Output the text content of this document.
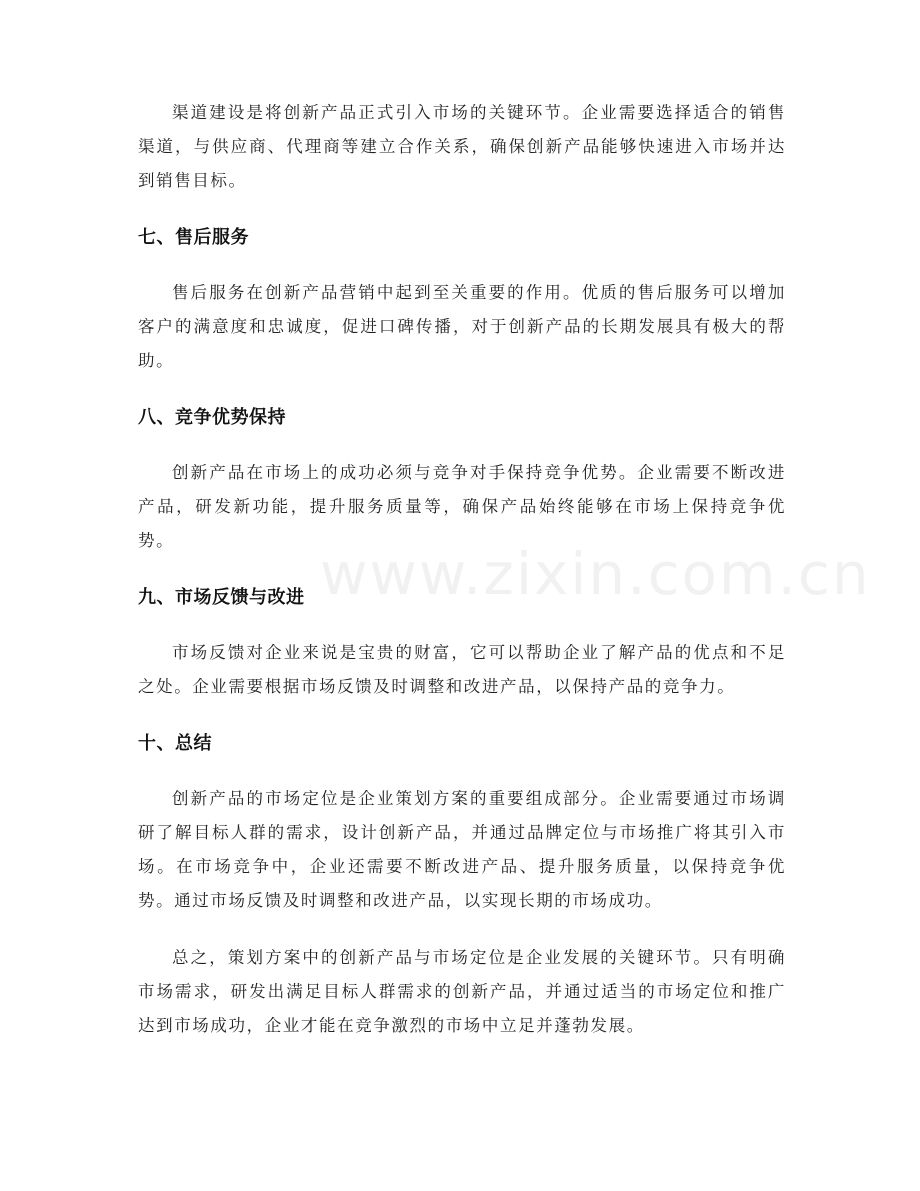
渠道建设是将创新产品正式引入市场的关键环节。企业需要选择适合的销售渠道，与供应商、代理商等建立合作关系，确保创新产品能够快速进入市场并达到销售目标。

七、售后服务

售后服务在创新产品营销中起到至关重要的作用。优质的售后服务可以增加客户的满意度和忠诚度，促进口碑传播，对于创新产品的长期发展具有极大的帮助。

八、竞争优势保持

创新产品在市场上的成功必须与竞争对手保持竞争优势。企业需要不断改进产品，研发新功能，提升服务质量等，确保产品始终能够在市场上保持竞争优势。

九、市场反馈与改进

市场反馈对企业来说是宝贵的财富，它可以帮助企业了解产品的优点和不足之处。企业需要根据市场反馈及时调整和改进产品，以保持产品的竞争力。

十、总结

创新产品的市场定位是企业策划方案的重要组成部分。企业需要通过市场调研了解目标人群的需求，设计创新产品，并通过品牌定位与市场推广将其引入市场。在市场竞争中，企业还需要不断改进产品、提升服务质量，以保持竞争优势。通过市场反馈及时调整和改进产品，以实现长期的市场成功。

总之，策划方案中的创新产品与市场定位是企业发展的关键环节。只有明确市场需求，研发出满足目标人群需求的创新产品，并通过适当的市场定位和推广达到市场成功，企业才能在竞争激烈的市场中立足并蓬勃发展。

www.zixin.com.cn
